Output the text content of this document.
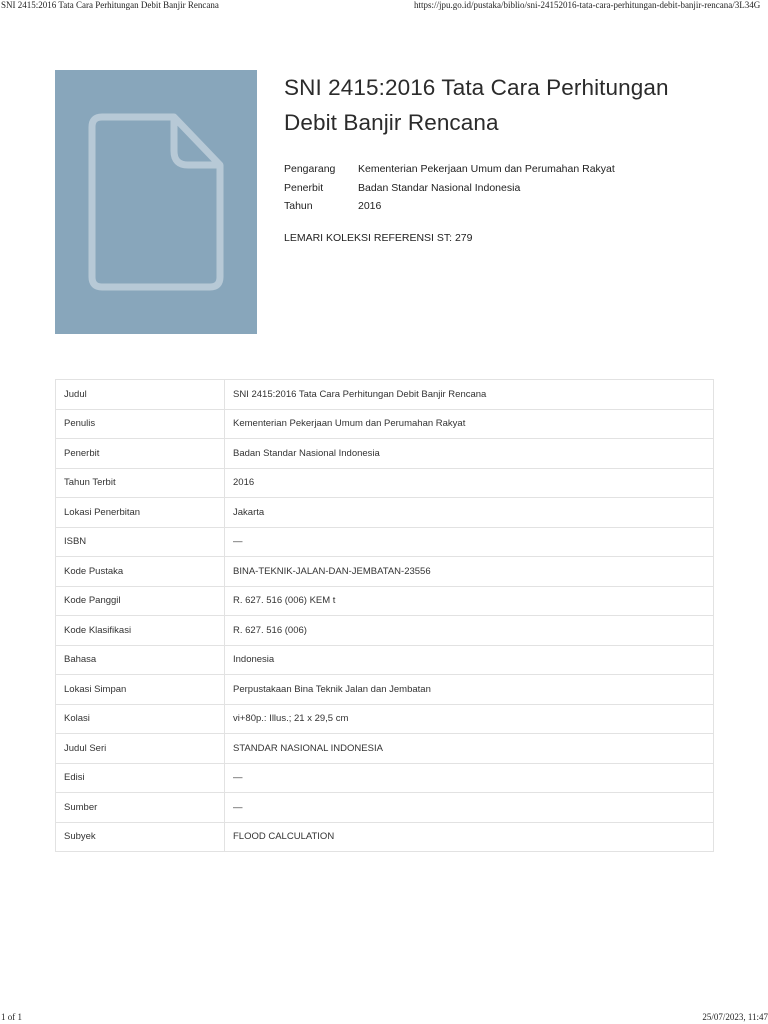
SNI 2415:2016 Tata Cara Perhitungan Debit Banjir Rencana	https://jpu.go.id/pustaka/biblio/sni-24152016-tata-cara-perhitungan-debit-banjir-rencana/3L34G
SNI 2415:2016 Tata Cara Perhitungan Debit Banjir Rencana
Pengarang	Kementerian Pekerjaan Umum dan Perumahan Rakyat
Penerbit	Badan Standar Nasional Indonesia
Tahun	2016
LEMARI KOLEKSI REFERENSI ST: 279
Judul	SNI 2415:2016 Tata Cara Perhitungan Debit Banjir Rencana
Penulis	Kementerian Pekerjaan Umum dan Perumahan Rakyat
Penerbit	Badan Standar Nasional Indonesia
Tahun Terbit	2016
Lokasi Penerbitan	Jakarta
ISBN	—
Kode Pustaka	BINA-TEKNIK-JALAN-DAN-JEMBATAN-23556
Kode Panggil	R. 627. 516 (006) KEM t
Kode Klasifikasi	R. 627. 516 (006)
Bahasa	Indonesia
Lokasi Simpan	Perpustakaan Bina Teknik Jalan dan Jembatan
Kolasi	vi+80p.: Illus.; 21 x 29,5 cm
Judul Seri	STANDAR NASIONAL INDONESIA
Edisi	—
Sumber	—
Subyek	FLOOD CALCULATION
1 of 1	25/07/2023, 11:47
